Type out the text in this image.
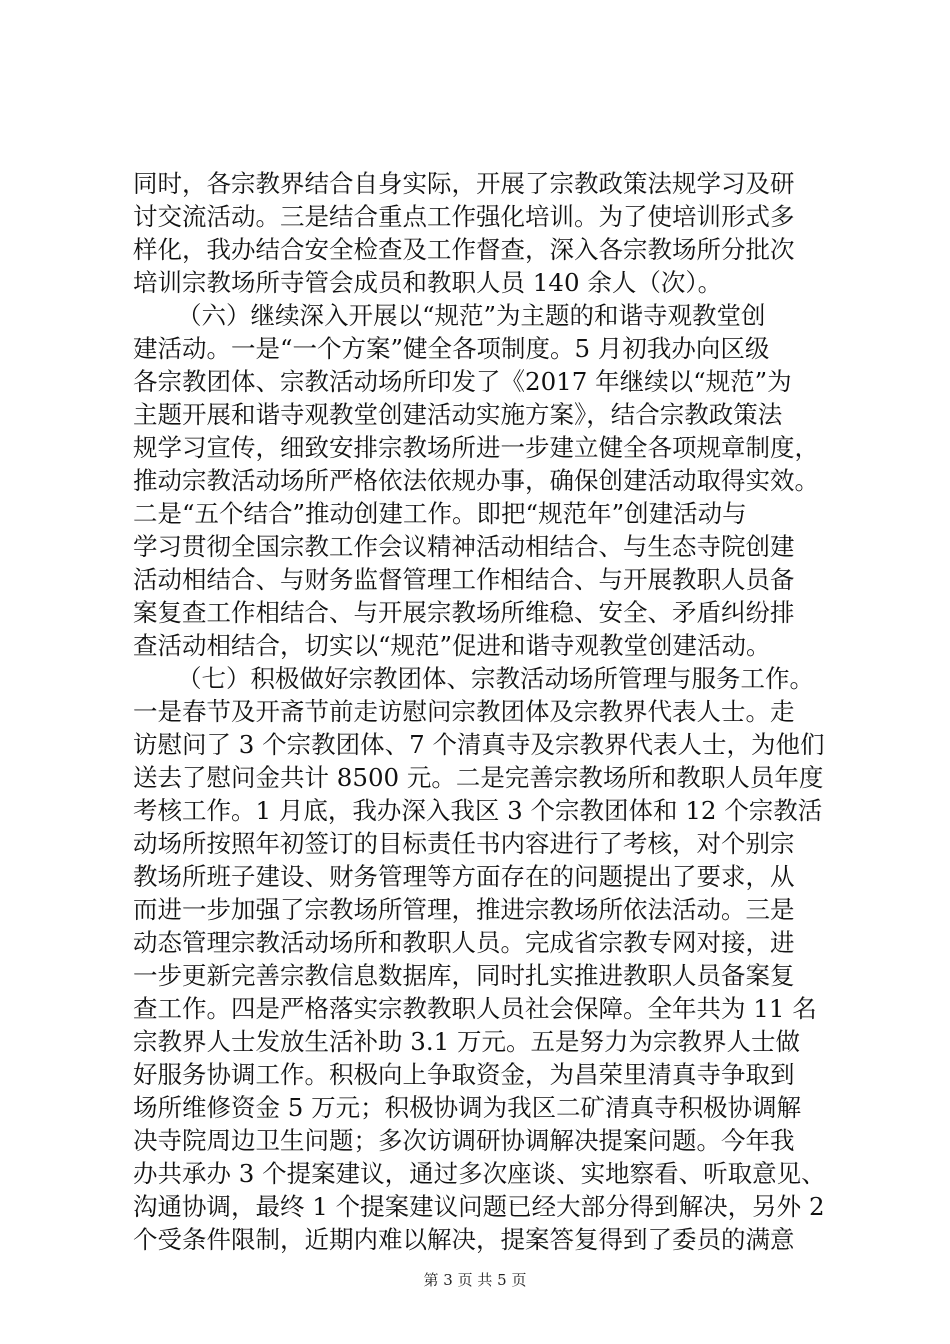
同时，各宗教界结合自身实际，开展了宗教政策法规学习及研
讨交流活动。三是结合重点工作强化培训。为了使培训形式多
样化，我办结合安全检查及工作督查，深入各宗教场所分批次
培训宗教场所寺管会成员和教职人员 140 余人（次）。
（六）继续深入开展以“规范”为主题的和谐寺观教堂创
建活动。一是“一个方案”健全各项制度。5 月初我办向区级
各宗教团体、宗教活动场所印发了《2017 年继续以“规范”为
主题开展和谐寺观教堂创建活动实施方案》，结合宗教政策法
规学习宣传，细致安排宗教场所进一步建立健全各项规章制度，
推动宗教活动场所严格依法依规办事，确保创建活动取得实效。
二是“五个结合”推动创建工作。即把“规范年”创建活动与
学习贯彻全国宗教工作会议精神活动相结合、与生态寺院创建
活动相结合、与财务监督管理工作相结合、与开展教职人员备
案复查工作相结合、与开展宗教场所维稳、安全、矛盾纠纷排
查活动相结合，切实以“规范”促进和谐寺观教堂创建活动。
（七）积极做好宗教团体、宗教活动场所管理与服务工作。
一是春节及开斋节前走访慰问宗教团体及宗教界代表人士。走
访慰问了 3 个宗教团体、7 个清真寺及宗教界代表人士，为他们
送去了慰问金共计 8500 元。二是完善宗教场所和教职人员年度
考核工作。1 月底，我办深入我区 3 个宗教团体和 12 个宗教活
动场所按照年初签订的目标责任书内容进行了考核，对个别宗
教场所班子建设、财务管理等方面存在的问题提出了要求，从
而进一步加强了宗教场所管理，推进宗教场所依法活动。三是
动态管理宗教活动场所和教职人员。完成省宗教专网对接，进
一步更新完善宗教信息数据库，同时扎实推进教职人员备案复
查工作。四是严格落实宗教教职人员社会保障。全年共为 11 名
宗教界人士发放生活补助 3.1 万元。五是努力为宗教界人士做
好服务协调工作。积极向上争取资金，为昌荣里清真寺争取到
场所维修资金 5 万元；积极协调为我区二矿清真寺积极协调解
决寺院周边卫生问题；多次访调研协调解决提案问题。今年我
办共承办 3 个提案建议，通过多次座谈、实地察看、听取意见、
沟通协调，最终 1 个提案建议问题已经大部分得到解决，另外 2
个受条件限制，近期内难以解决，提案答复得到了委员的满意
第 3 页 共 5 页
